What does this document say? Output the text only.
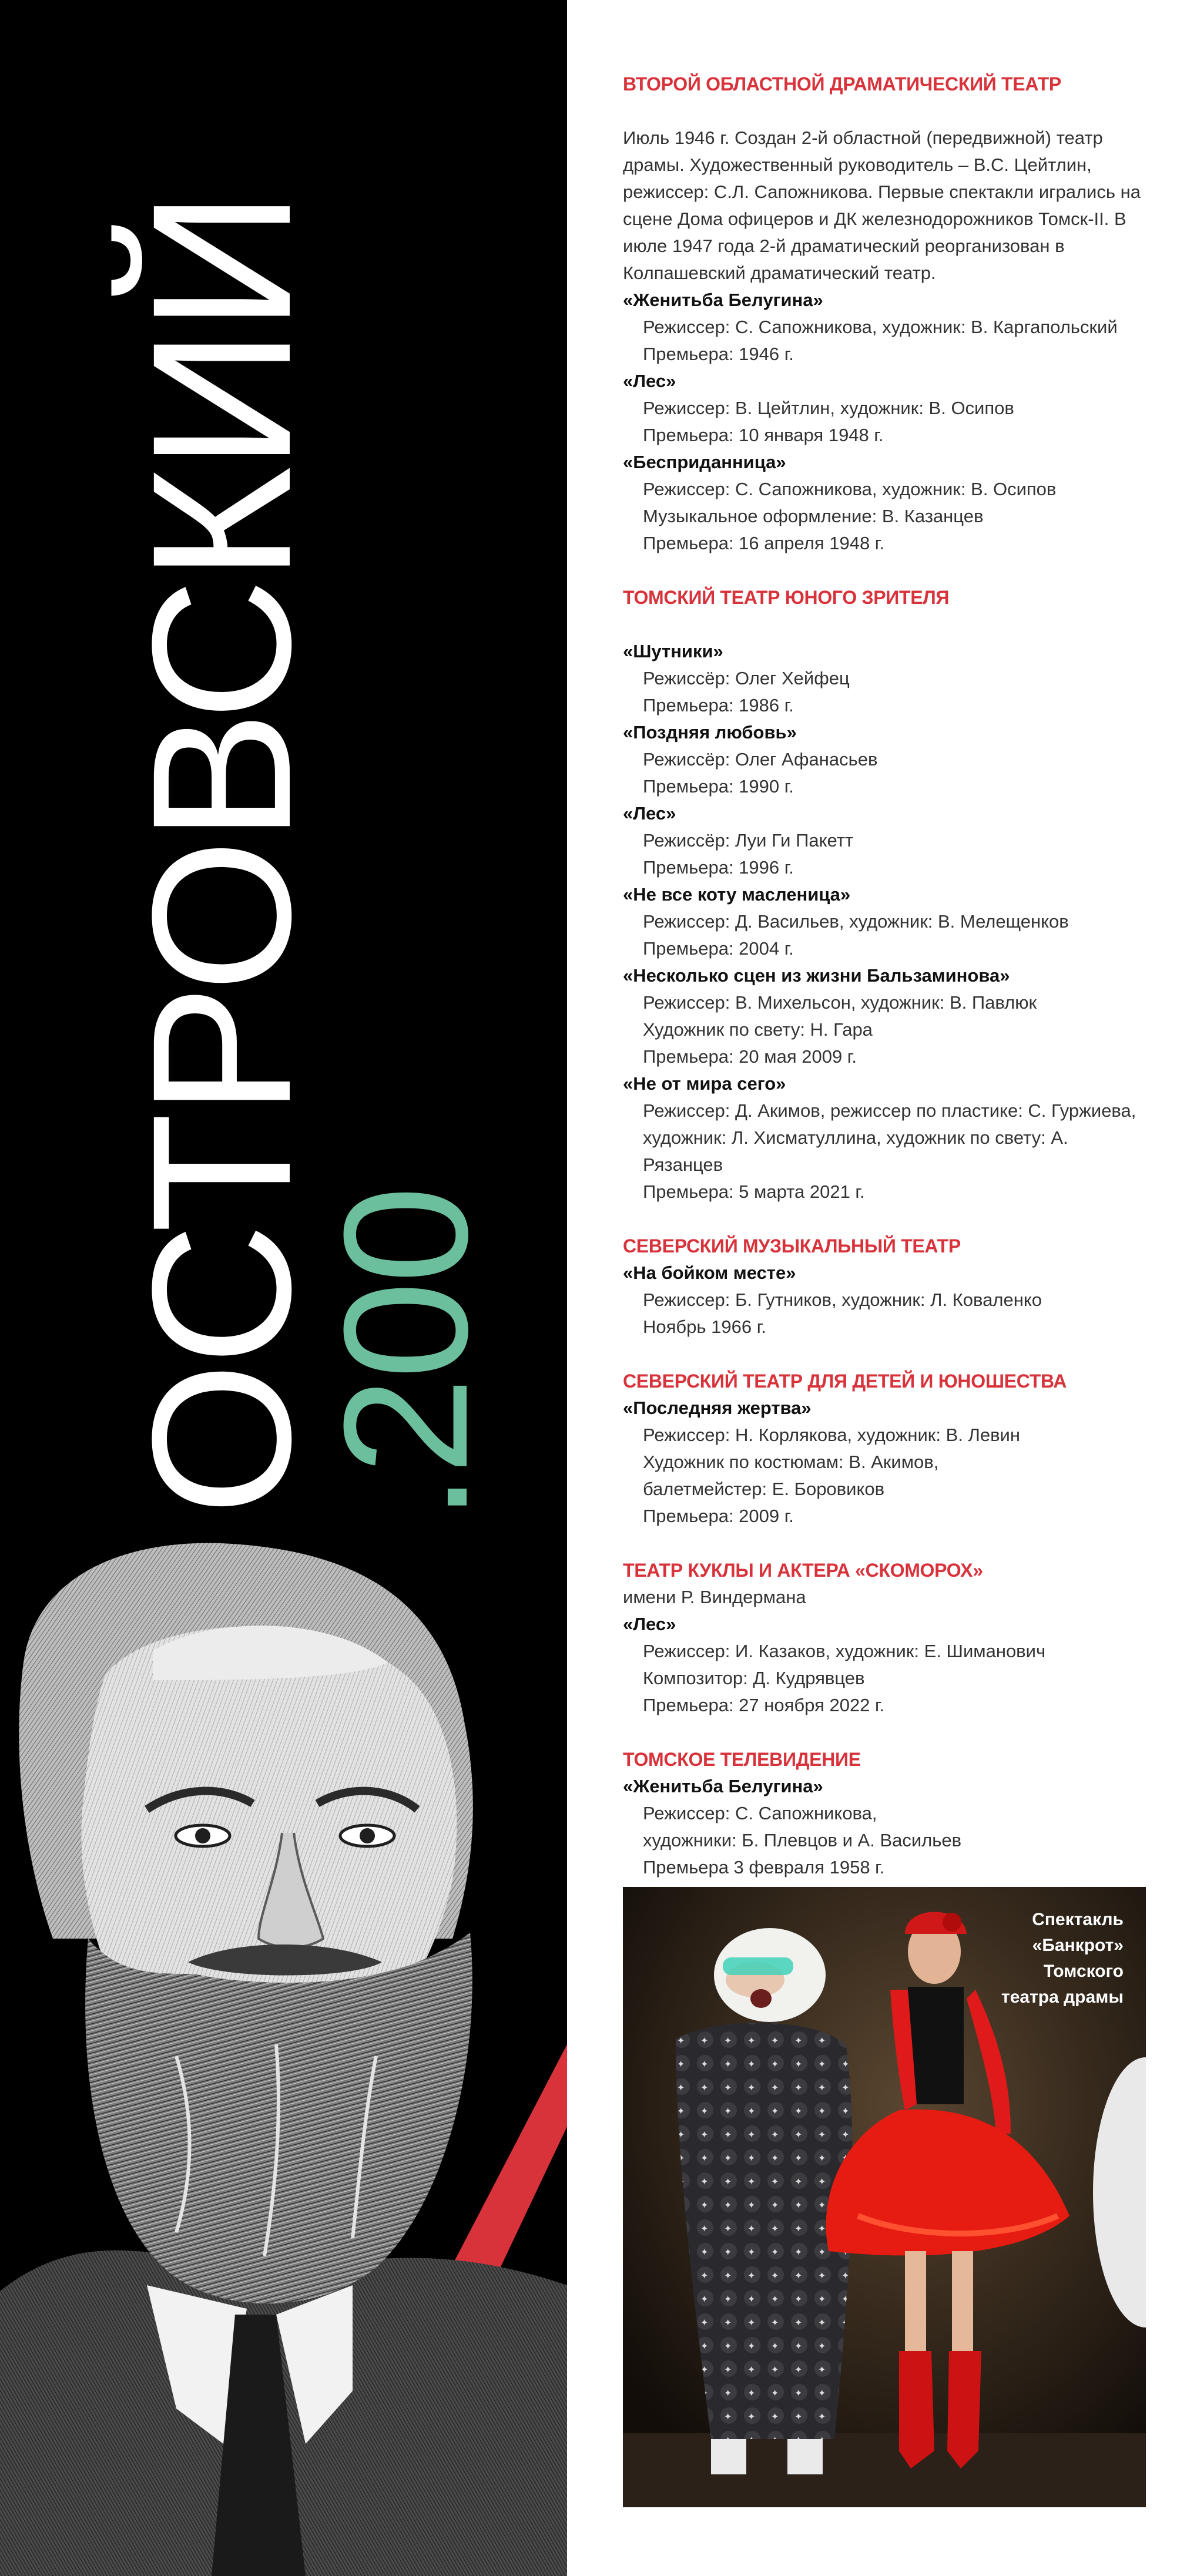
ОСТРОВСКИЙ
.200
ВТОРОЙ ОБЛАСТНОЙ ДРАМАТИЧЕСКИЙ ТЕАТР
Июль 1946 г. Создан 2-й областной (передвижной) театр драмы. Художественный руководитель – В.С. Цейтлин, режиссер: С.Л. Сапожникова. Первые спектакли игрались на сцене Дома офицеров и ДК железнодорожников Томск-II. В июле 1947 года 2-й драматический реорганизован в Колпашевский драматический театр.
«Женитьба Белугина»
Режиссер: С. Сапожникова, художник: В. Каргапольский
Премьера: 1946 г.
«Лес»
Режиссер: В. Цейтлин, художник: В. Осипов
Премьера: 10 января 1948 г.
«Бесприданница»
Режиссер: С. Сапожникова, художник: В. Осипов
Музыкальное оформление: В. Казанцев
Премьера: 16 апреля 1948 г.
ТОМСКИЙ ТЕАТР ЮНОГО ЗРИТЕЛЯ
«Шутники»
Режиссёр: Олег Хейфец
Премьера: 1986 г.
«Поздняя любовь»
Режиссёр: Олег Афанасьев
Премьера: 1990 г.
«Лес»
Режиссёр: Луи Ги Пакетт
Премьера: 1996 г.
«Не все коту масленица»
Режиссер: Д. Васильев, художник: В. Мелещенков
Премьера: 2004 г.
«Несколько сцен из жизни Бальзаминова»
Режиссер: В. Михельсон, художник: В. Павлюк
Художник по свету: Н. Гара
Премьера: 20 мая 2009 г.
«Не от мира сего»
Режиссер: Д. Акимов, режиссер по пластике: С. Гуржиева,
художник: Л. Хисматуллина, художник по свету: А. Рязанцев
Премьера: 5 марта 2021 г.
СЕВЕРСКИЙ МУЗЫКАЛЬНЫЙ ТЕАТР
«На бойком месте»
Режиссер: Б. Гутников, художник: Л. Коваленко
Ноябрь 1966 г.
СЕВЕРСКИЙ ТЕАТР ДЛЯ ДЕТЕЙ И ЮНОШЕСТВА
«Последняя жертва»
Режиссер: Н. Корлякова, художник: В. Левин
Художник по костюмам: В. Акимов,
балетмейстер: Е. Боровиков
Премьера: 2009 г.
ТЕАТР КУКЛЫ И АКТЕРА «СКОМОРОХ»
имени Р. Виндермана
«Лес»
Режиссер: И. Казаков, художник: Е. Шиманович
Композитор: Д. Кудрявцев
Премьера: 27 ноября 2022 г.
ТОМСКОЕ ТЕЛЕВИДЕНИЕ
«Женитьба Белугина»
Режиссер: С. Сапожникова,
художники: Б. Плевцов и А. Васильев
Премьера 3 февраля 1958 г.
Спектакль
«Банкрот»
Томского
театра драмы
